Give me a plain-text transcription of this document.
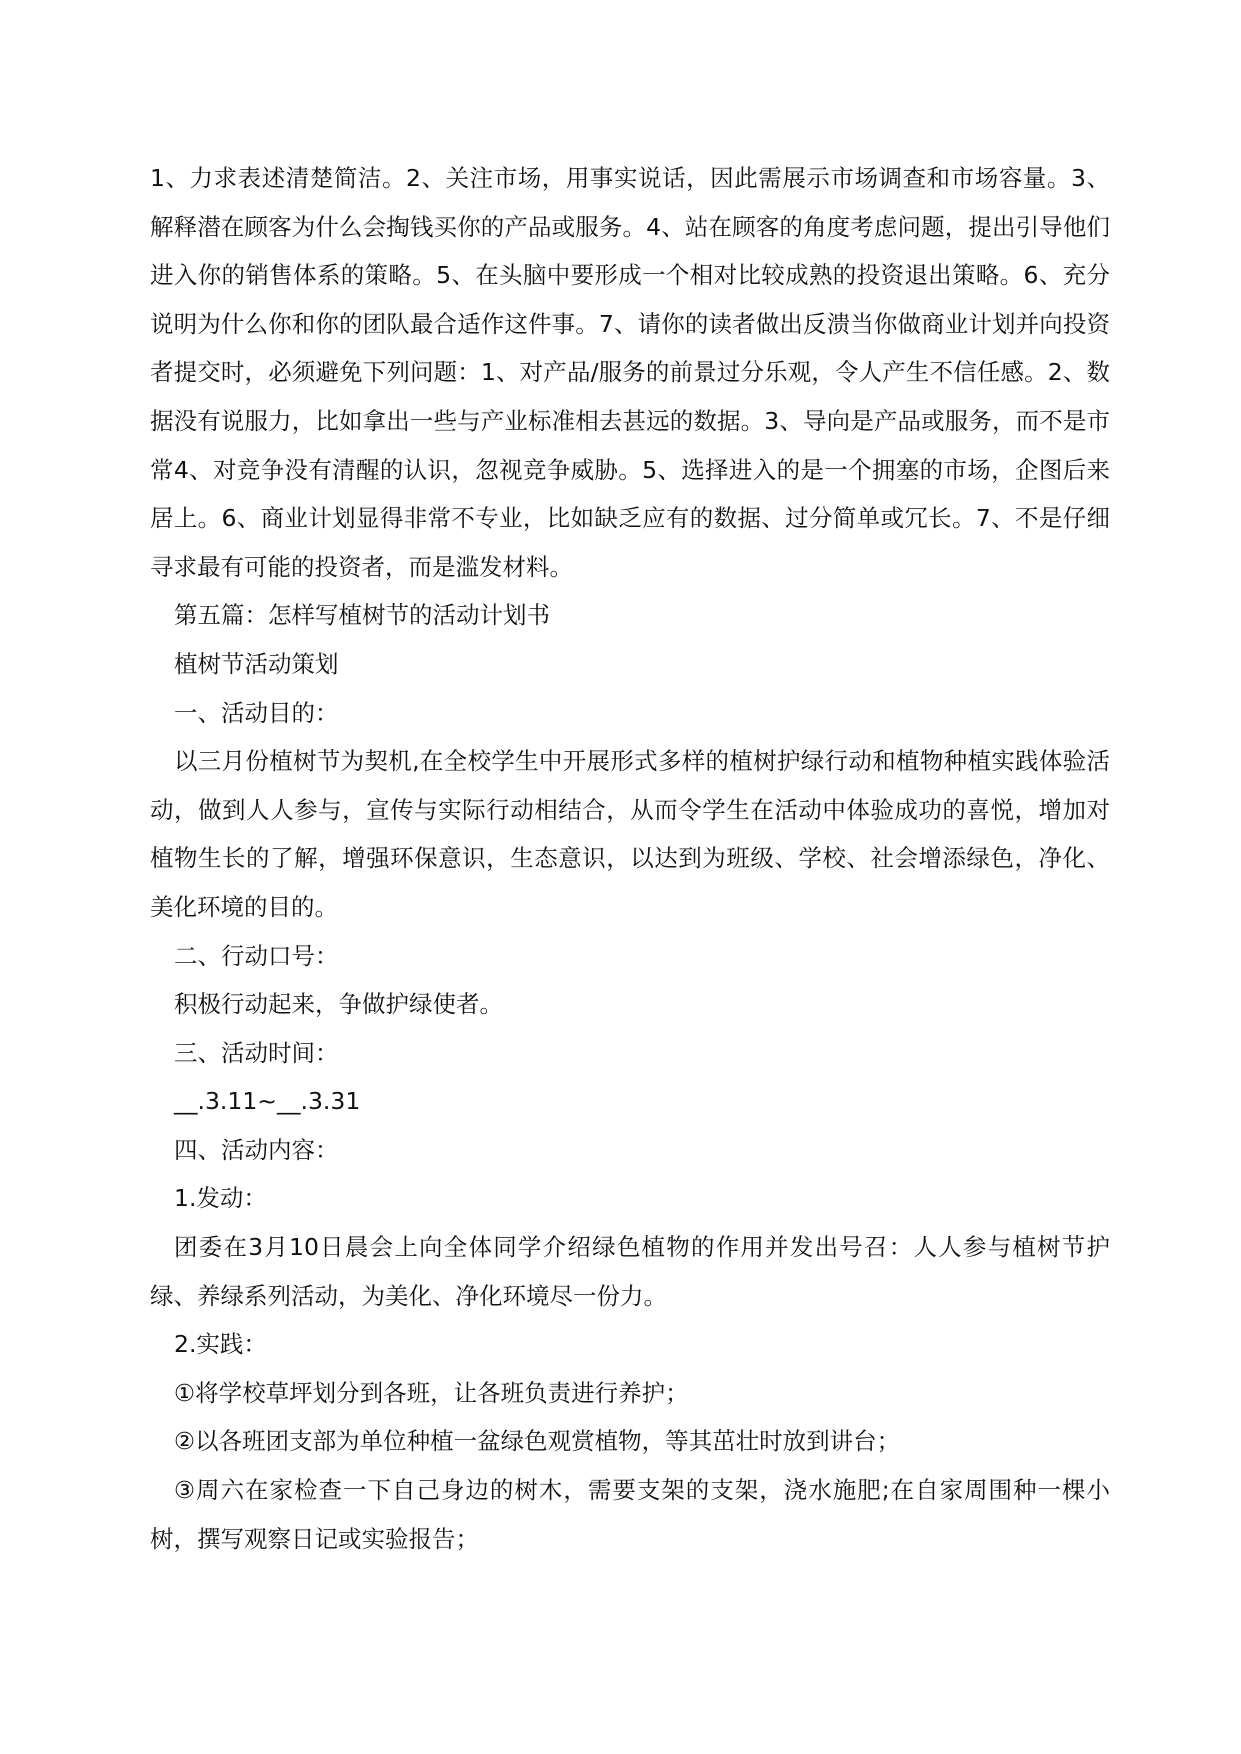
1、力求表述清楚简洁。2、关注市场，用事实说话，因此需展示市场调查和市场容量。3、解释潜在顾客为什么会掏钱买你的产品或服务。4、站在顾客的角度考虑问题，提出引导他们进入你的销售体系的策略。5、在头脑中要形成一个相对比较成熟的投资退出策略。6、充分说明为什么你和你的团队最合适作这件事。7、请你的读者做出反溃当你做商业计划并向投资者提交时，必须避免下列问题：1、对产品/服务的前景过分乐观，令人产生不信任感。2、数据没有说服力，比如拿出一些与产业标准相去甚远的数据。3、导向是产品或服务，而不是市常4、对竞争没有清醒的认识，忽视竞争威胁。5、选择进入的是一个拥塞的市场，企图后来居上。6、商业计划显得非常不专业，比如缺乏应有的数据、过分简单或冗长。7、不是仔细寻求最有可能的投资者，而是滥发材料。

第五篇：怎样写植树节的活动计划书

植树节活动策划

一、活动目的：

以三月份植树节为契机,在全校学生中开展形式多样的植树护绿行动和植物种植实践体验活动，做到人人参与，宣传与实际行动相结合，从而令学生在活动中体验成功的喜悦，增加对植物生长的了解，增强环保意识，生态意识，以达到为班级、学校、社会增添绿色，净化、美化环境的目的。

二、行动口号：

积极行动起来，争做护绿使者。

三、活动时间：

__.3.11~__.3.31

四、活动内容：

1.发动：

团委在3月10日晨会上向全体同学介绍绿色植物的作用并发出号召：人人参与植树节护绿、养绿系列活动，为美化、净化环境尽一份力。

2.实践：

①将学校草坪划分到各班，让各班负责进行养护；

②以各班团支部为单位种植一盆绿色观赏植物，等其茁壮时放到讲台；

③周六在家检查一下自己身边的树木，需要支架的支架，浇水施肥;在自家周围种一棵小树，撰写观察日记或实验报告；
